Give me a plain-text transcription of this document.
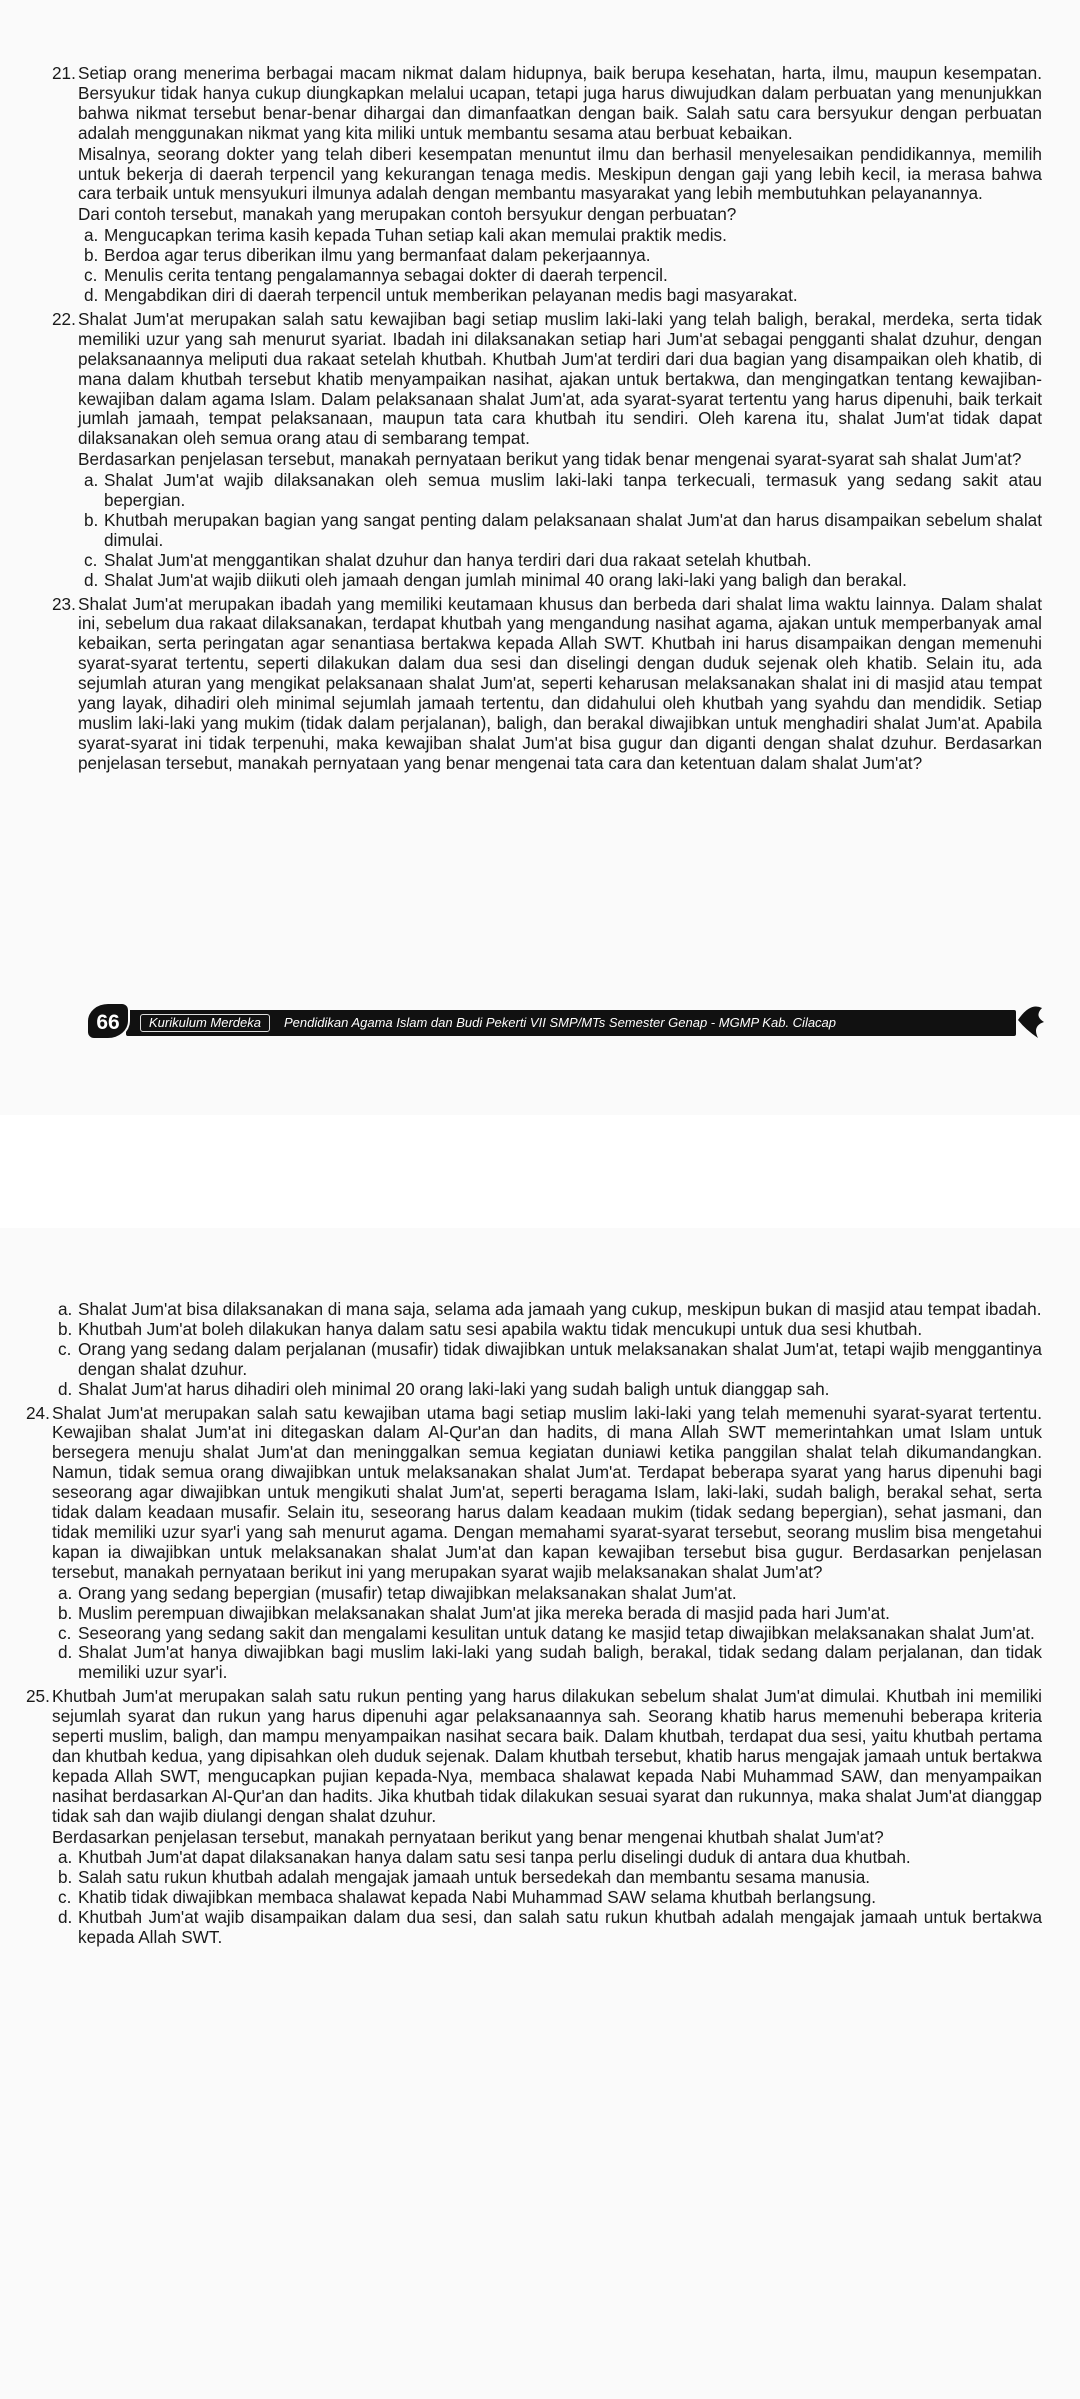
21. Setiap orang menerima berbagai macam nikmat dalam hidupnya, baik berupa kesehatan, harta, ilmu, maupun kesempatan. Bersyukur tidak hanya cukup diungkapkan melalui ucapan, tetapi juga harus diwujudkan dalam perbuatan yang menunjukkan bahwa nikmat tersebut benar-benar dihargai dan dimanfaatkan dengan baik. Salah satu cara bersyukur dengan perbuatan adalah menggunakan nikmat yang kita miliki untuk membantu sesama atau berbuat kebaikan.

Misalnya, seorang dokter yang telah diberi kesempatan menuntut ilmu dan berhasil menyelesaikan pendidikannya, memilih untuk bekerja di daerah terpencil yang kekurangan tenaga medis. Meskipun dengan gaji yang lebih kecil, ia merasa bahwa cara terbaik untuk mensyukuri ilmunya adalah dengan membantu masyarakat yang lebih membutuhkan pelayanannya.

Dari contoh tersebut, manakah yang merupakan contoh bersyukur dengan perbuatan?

a. Mengucapkan terima kasih kepada Tuhan setiap kali akan memulai praktik medis.
b. Berdoa agar terus diberikan ilmu yang bermanfaat dalam pekerjaannya.
c. Menulis cerita tentang pengalamannya sebagai dokter di daerah terpencil.
d. Mengabdikan diri di daerah terpencil untuk memberikan pelayanan medis bagi masyarakat.
22. Shalat Jum'at merupakan salah satu kewajiban bagi setiap muslim laki-laki yang telah baligh, berakal, merdeka, serta tidak memiliki uzur yang sah menurut syariat. Ibadah ini dilaksanakan setiap hari Jum'at sebagai pengganti shalat dzuhur, dengan pelaksanaannya meliputi dua rakaat setelah khutbah. Khutbah Jum'at terdiri dari dua bagian yang disampaikan oleh khatib, di mana dalam khutbah tersebut khatib menyampaikan nasihat, ajakan untuk bertakwa, dan mengingatkan tentang kewajiban-kewajiban dalam agama Islam. Dalam pelaksanaan shalat Jum'at, ada syarat-syarat tertentu yang harus dipenuhi, baik terkait jumlah jamaah, tempat pelaksanaan, maupun tata cara khutbah itu sendiri. Oleh karena itu, shalat Jum'at tidak dapat dilaksanakan oleh semua orang atau di sembarang tempat.

Berdasarkan penjelasan tersebut, manakah pernyataan berikut yang tidak benar mengenai syarat-syarat sah shalat Jum'at?

a. Shalat Jum'at wajib dilaksanakan oleh semua muslim laki-laki tanpa terkecuali, termasuk yang sedang sakit atau bepergian.
b. Khutbah merupakan bagian yang sangat penting dalam pelaksanaan shalat Jum'at dan harus disampaikan sebelum shalat dimulai.
c. Shalat Jum'at menggantikan shalat dzuhur dan hanya terdiri dari dua rakaat setelah khutbah.
d. Shalat Jum'at wajib diikuti oleh jamaah dengan jumlah minimal 40 orang laki-laki yang baligh dan berakal.
23. Shalat Jum'at merupakan ibadah yang memiliki keutamaan khusus dan berbeda dari shalat lima waktu lainnya. Dalam shalat ini, sebelum dua rakaat dilaksanakan, terdapat khutbah yang mengandung nasihat agama, ajakan untuk memperbanyak amal kebaikan, serta peringatan agar senantiasa bertakwa kepada Allah SWT. Khutbah ini harus disampaikan dengan memenuhi syarat-syarat tertentu, seperti dilakukan dalam dua sesi dan diselingi dengan duduk sejenak oleh khatib. Selain itu, ada sejumlah aturan yang mengikat pelaksanaan shalat Jum'at, seperti keharusan melaksanakan shalat ini di masjid atau tempat yang layak, dihadiri oleh minimal sejumlah jamaah tertentu, dan didahului oleh khutbah yang syahdu dan mendidik. Setiap muslim laki-laki yang mukim (tidak dalam perjalanan), baligh, dan berakal diwajibkan untuk menghadiri shalat Jum'at. Apabila syarat-syarat ini tidak terpenuhi, maka kewajiban shalat Jum'at bisa gugur dan diganti dengan shalat dzuhur. Berdasarkan penjelasan tersebut, manakah pernyataan yang benar mengenai tata cara dan ketentuan dalam shalat Jum'at?

66	Kurikulum Merdeka	Pendidikan Agama Islam dan Budi Pekerti VII SMP/MTs Semester Genap - MGMP Kab. Cilacap
a. Shalat Jum'at bisa dilaksanakan di mana saja, selama ada jamaah yang cukup, meskipun bukan di masjid atau tempat ibadah.
b. Khutbah Jum'at boleh dilakukan hanya dalam satu sesi apabila waktu tidak mencukupi untuk dua sesi khutbah.
c. Orang yang sedang dalam perjalanan (musafir) tidak diwajibkan untuk melaksanakan shalat Jum'at, tetapi wajib menggantinya dengan shalat dzuhur.
d. Shalat Jum'at harus dihadiri oleh minimal 20 orang laki-laki yang sudah baligh untuk dianggap sah.
24. Shalat Jum'at merupakan salah satu kewajiban utama bagi setiap muslim laki-laki yang telah memenuhi syarat-syarat tertentu. Kewajiban shalat Jum'at ini ditegaskan dalam Al-Qur'an dan hadits, di mana Allah SWT memerintahkan umat Islam untuk bersegera menuju shalat Jum'at dan meninggalkan semua kegiatan duniawi ketika panggilan shalat telah dikumandangkan. Namun, tidak semua orang diwajibkan untuk melaksanakan shalat Jum'at. Terdapat beberapa syarat yang harus dipenuhi bagi seseorang agar diwajibkan untuk mengikuti shalat Jum'at, seperti beragama Islam, laki-laki, sudah baligh, berakal sehat, serta tidak dalam keadaan musafir. Selain itu, seseorang harus dalam keadaan mukim (tidak sedang bepergian), sehat jasmani, dan tidak memiliki uzur syar'i yang sah menurut agama. Dengan memahami syarat-syarat tersebut, seorang muslim bisa mengetahui kapan ia diwajibkan untuk melaksanakan shalat Jum'at dan kapan kewajiban tersebut bisa gugur. Berdasarkan penjelasan tersebut, manakah pernyataan berikut ini yang merupakan syarat wajib melaksanakan shalat Jum'at?

a. Orang yang sedang bepergian (musafir) tetap diwajibkan melaksanakan shalat Jum'at.
b. Muslim perempuan diwajibkan melaksanakan shalat Jum'at jika mereka berada di masjid pada hari Jum'at.
c. Seseorang yang sedang sakit dan mengalami kesulitan untuk datang ke masjid tetap diwajibkan melaksanakan shalat Jum'at.
d. Shalat Jum'at hanya diwajibkan bagi muslim laki-laki yang sudah baligh, berakal, tidak sedang dalam perjalanan, dan tidak memiliki uzur syar'i.
25. Khutbah Jum'at merupakan salah satu rukun penting yang harus dilakukan sebelum shalat Jum'at dimulai. Khutbah ini memiliki sejumlah syarat dan rukun yang harus dipenuhi agar pelaksanaannya sah. Seorang khatib harus memenuhi beberapa kriteria seperti muslim, baligh, dan mampu menyampaikan nasihat secara baik. Dalam khutbah, terdapat dua sesi, yaitu khutbah pertama dan khutbah kedua, yang dipisahkan oleh duduk sejenak. Dalam khutbah tersebut, khatib harus mengajak jamaah untuk bertakwa kepada Allah SWT, mengucapkan pujian kepada-Nya, membaca shalawat kepada Nabi Muhammad SAW, dan menyampaikan nasihat berdasarkan Al-Qur'an dan hadits. Jika khutbah tidak dilakukan sesuai syarat dan rukunnya, maka shalat Jum'at dianggap tidak sah dan wajib diulangi dengan shalat dzuhur.

Berdasarkan penjelasan tersebut, manakah pernyataan berikut yang benar mengenai khutbah shalat Jum'at?

a. Khutbah Jum'at dapat dilaksanakan hanya dalam satu sesi tanpa perlu diselingi duduk di antara dua khutbah.
b. Salah satu rukun khutbah adalah mengajak jamaah untuk bersedekah dan membantu sesama manusia.
c. Khatib tidak diwajibkan membaca shalawat kepada Nabi Muhammad SAW selama khutbah berlangsung.
d. Khutbah Jum'at wajib disampaikan dalam dua sesi, dan salah satu rukun khutbah adalah mengajak jamaah untuk bertakwa kepada Allah SWT.
